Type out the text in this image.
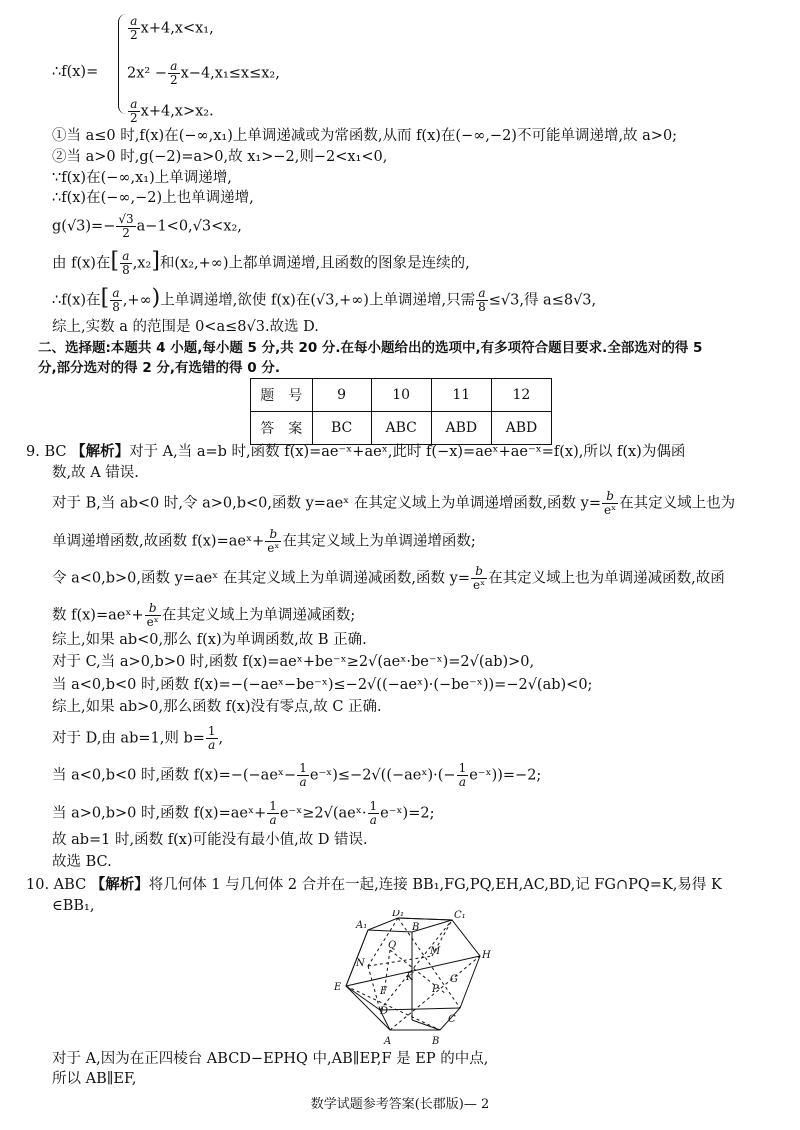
∴f(x)=
$\frac{a}{2} x+4,x<x_1$,
$2x^2 - \frac{a}{2} x-4,x_1\le x\le x_2$,
$\frac{a}{2} x+4,x>x_2$.
①当 a≤0 时,f(x)在(−∞,x₁)上单调递减或为常函数,从而 f(x)在(−∞,−2)不可能单调递增,故 a>0;
②当 a>0 时,g(−2)=a>0,故 x₁>−2,则−2<x₁<0,
∵f(x)在(−∞,x₁)上单调递增,
∴f(x)在(−∞,−2)上也单调递增,
$g(√3)=- \frac{√3}{2} a-1<0,√3<x_2$,
由 f(x)在[ $\frac{a}{8} ,x_2$]和(x₂,+∞)上都单调递增,且函数的图象是连续的,
∴f(x)在[ $\frac{a}{8}$ ,+∞)上单调递增,欲使 f(x)在(√3,+∞)上单调递增,只需 $\frac{a}{8} \le√3$,得 a≤8√3,
综上,实数 a 的范围是 0<a≤8√3.故选 D.
二、选择题:本题共 4 小题,每小题 5 分,共 20 分.在每小题给出的选项中,有多项符合题目要求.全部选对的得 5
分,部分选对的得 2 分,有选错的得 0 分.
题　号	9	10	11	12
答　案	BC	ABC	ABD	ABD
9. BC 【解析】对于 A,当 a=b 时,函数 f(x)=ae⁻ˣ+aeˣ,此时 f(−x)=aeˣ+ae⁻ˣ=f(x),所以 f(x)为偶函
数,故 A 错误.
对于 B,当 ab<0 时,令 a>0,b<0,函数 y=aeˣ 在其定义域上为单调递增函数,函数 $y= \frac{b}{\text{eˣ}}$ 在其定义域上也为
单调递增函数,故函数 f(x)=aeˣ+ $\frac{b}{\text{eˣ}}$ 在其定义域上为单调递增函数;
令 a<0,b>0,函数 y=aeˣ 在其定义域上为单调递减函数,函数 $y= \frac{b}{\text{eˣ}}$ 在其定义域上也为单调递减函数,故函
数 f(x)=aeˣ+ $\frac{b}{\text{eˣ}}$ 在其定义域上为单调递减函数;
综上,如果 ab<0,那么 f(x)为单调函数,故 B 正确.
对于 C,当 a>0,b>0 时,函数 f(x)=aeˣ+be⁻ˣ≥2√(aeˣ·be⁻ˣ)=2√(ab)>0,
当 a<0,b<0 时,函数 f(x)=−(−aeˣ−be⁻ˣ)≤−2√((−aeˣ)·(−be⁻ˣ))=−2√(ab)<0;
综上,如果 ab>0,那么函数 f(x)没有零点,故 C 正确.
对于 D,由 ab=1,则 $b= \frac{1}{a}$ ,
当 a<0,b<0 时,函数 f(x)=−(−aeˣ− $\frac{1}{a}$ e⁻ˣ)≤−2√((−aeˣ)·(− $\frac{1}{a}$ e⁻ˣ))=−2;
当 a>0,b>0 时,函数 f(x)=aeˣ+ $\frac{1}{a}$ e⁻ˣ≥2√(aeˣ· $\frac{1}{a}$ e⁻ˣ)=2;
故 ab=1 时,函数 f(x)可能没有最小值,故 D 错误.
故选 BC.
10. ABC 【解析】将几何体 1 与几何体 2 合并在一起,连接 BB₁,FG,PQ,EH,AC,BD,记 FG∩PQ=K,易得 K
∈BB₁,
A₁
D₁	C₁
B
Q
M
N
H
K
E	F	P
G
D
C
A	B
对于 A,因为在正四棱台 ABCD−EPHQ 中,AB∥EP,F 是 EP 的中点,
所以 AB∥EF,
数学试题参考答案(长郡版)— 2
